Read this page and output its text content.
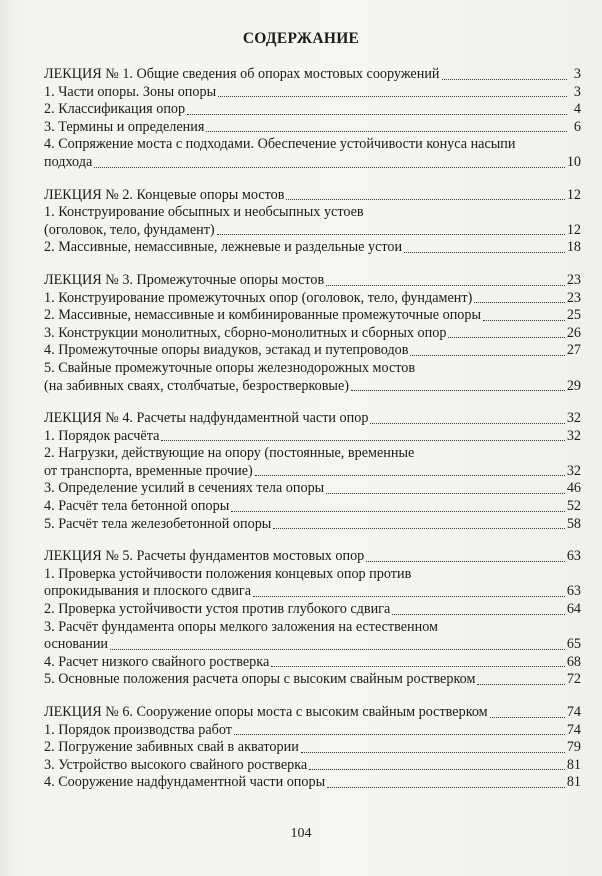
СОДЕРЖАНИЕ
ЛЕКЦИЯ № 1. Общие сведения об опорах мостовых сооружений	3
1. Части опоры. Зоны опоры	3
2. Классификация опор	4
3. Термины и определения	6
4. Сопряжение моста с подходами. Обеспечение устойчивости конуса насыпи
подхода	10
ЛЕКЦИЯ № 2. Концевые опоры мостов	12
1. Конструирование обсыпных и необсыпных устоев
(оголовок, тело, фундамент)	12
2. Массивные, немассивные, лежневые и раздельные устои	18
ЛЕКЦИЯ № 3. Промежуточные опоры мостов	23
1. Конструирование промежуточных опор (оголовок, тело, фундамент)	23
2. Массивные, немассивные и комбинированные промежуточные опоры	25
3. Конструкции монолитных, сборно-монолитных и сборных опор	26
4. Промежуточные опоры виадуков, эстакад и путепроводов	27
5. Свайные промежуточные опоры железнодорожных мостов
(на забивных сваях, столбчатые, безростверковые)	29
ЛЕКЦИЯ № 4. Расчеты надфундаментной части опор	32
1. Порядок расчёта	32
2. Нагрузки, действующие на опору (постоянные, временные
от транспорта, временные прочие)	32
3. Определение усилий в сечениях тела опоры	46
4. Расчёт тела бетонной опоры	52
5. Расчёт тела железобетонной опоры	58
ЛЕКЦИЯ № 5. Расчеты фундаментов мостовых опор	63
1. Проверка устойчивости положения концевых опор против
опрокидывания и плоского сдвига	63
2. Проверка устойчивости устоя против глубокого сдвига	64
3. Расчёт фундамента опоры мелкого заложения на естественном
основании	65
4. Расчет низкого свайного ростверка	68
5. Основные положения расчета опоры с высоким свайным ростверком	72
ЛЕКЦИЯ № 6. Сооружение опоры моста с высоким свайным ростверком	74
1. Порядок производства работ	74
2. Погружение забивных свай в акватории	79
3. Устройство высокого свайного ростверка	81
4. Сооружение надфундаментной части опоры	81
104
